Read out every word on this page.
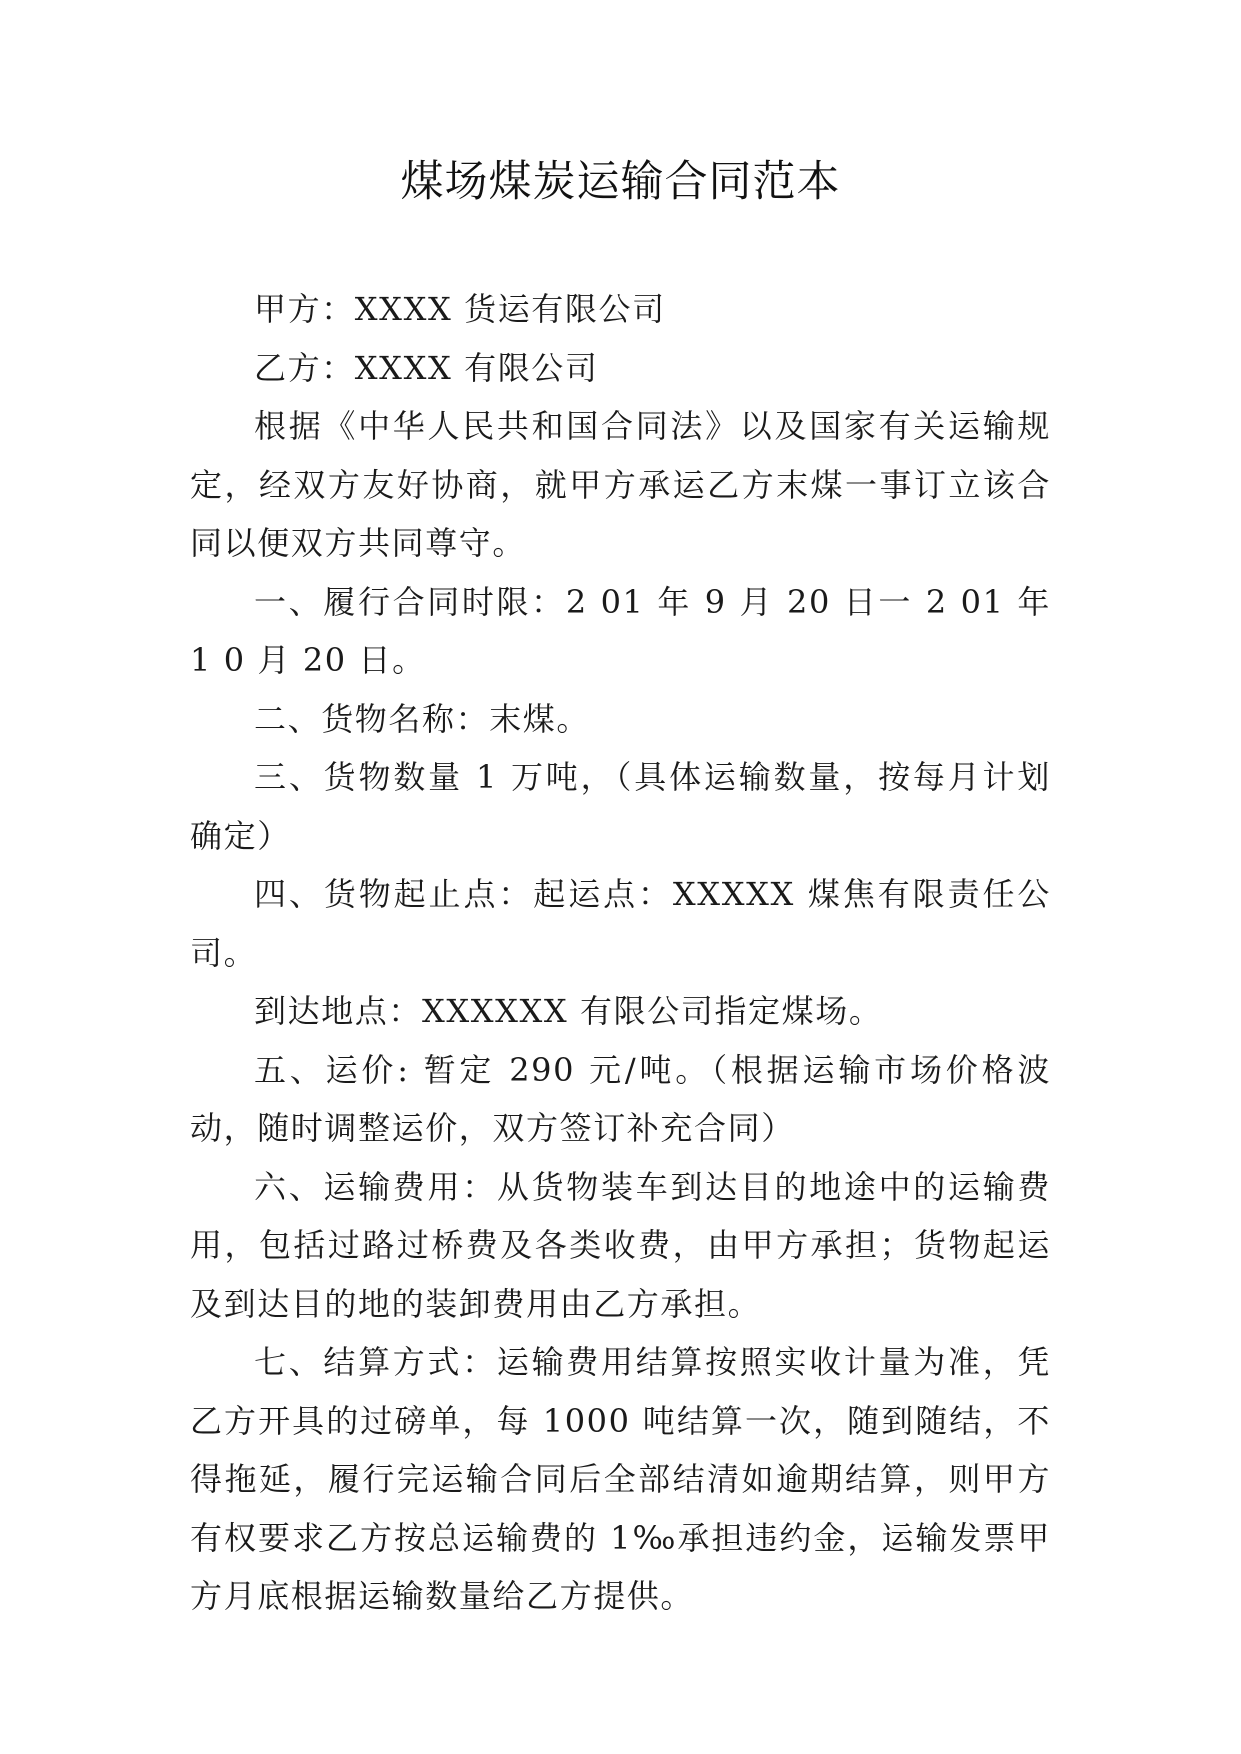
煤场煤炭运输合同范本

甲方：XXXX 货运有限公司

乙方：XXXX 有限公司

根据《中华人民共和国合同法》以及国家有关运输规定，经双方友好协商，就甲方承运乙方末煤一事订立该合同以便双方共同尊守。

一、履行合同时限：2 01 年 9 月 20 日一 2 01 年 1 0 月 20 日。

二、货物名称：末煤。

三、货物数量 1 万吨，（具体运输数量，按每月计划确定）

四、货物起止点：起运点：XXXXX 煤焦有限责任公司。

到达地点：XXXXXX 有限公司指定煤场。

五、运价: 暂定 290 元/吨。（根据运输市场价格波动，随时调整运价，双方签订补充合同）

六、运输费用：从货物装车到达目的地途中的运输费用，包括过路过桥费及各类收费，由甲方承担；货物起运及到达目的地的装卸费用由乙方承担。

七、结算方式：运输费用结算按照实收计量为准，凭乙方开具的过磅单，每 1000 吨结算一次，随到随结，不得拖延，履行完运输合同后全部结清如逾期结算，则甲方有权要求乙方按总运输费的 1‰承担违约金，运输发票甲方月底根据运输数量给乙方提供。
